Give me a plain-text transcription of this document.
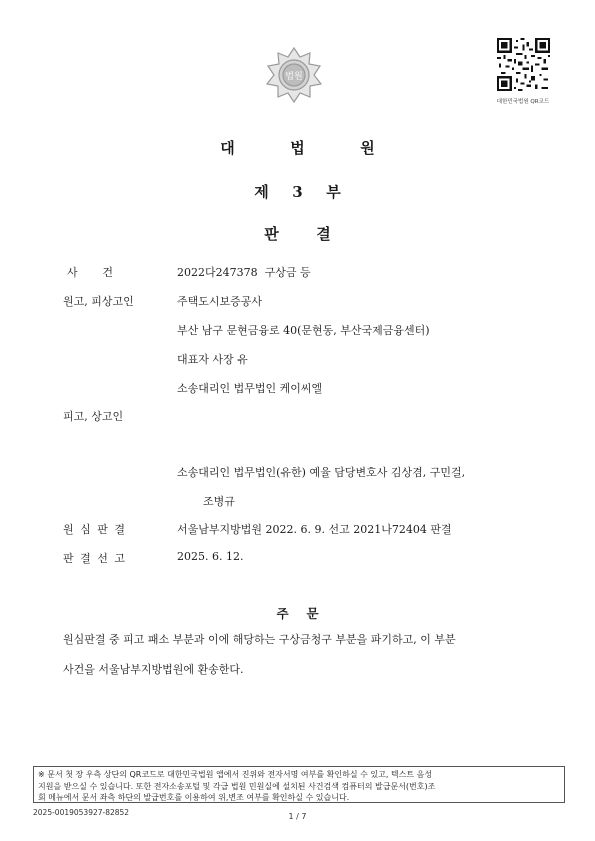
법원
대한민국법원 QR코드
대	법	원
제 3 부
판	결
사 건	2022다247378 구상금 등
원고, 피상고인	주택도시보증공사
부산 남구 문현금융로 40(문현동, 부산국제금융센터)
대표자 사장 유
소송대리인 법무법인 케이씨엘
피고, 상고인
소송대리인 법무법인(유한) 예율 담당변호사 김상겸, 구민걸,
조병규
원 심 판 결	서울남부지방법원 2022. 6. 9. 선고 2021나72404 판결
판 결 선 고	2025. 6. 12.
주 문
원심판결 중 피고 패소 부분과 이에 해당하는 구상금청구 부분을 파기하고, 이 부분
사건을 서울남부지방법원에 환송한다.
※ 문서 첫 장 우측 상단의 QR코드로 대한민국법원 앱에서 진위와 전자서명 여부를 확인하실 수 있고, 텍스트 음성
지원을 받으실 수 있습니다. 또한 전자소송포털 및 각급 법원 민원실에 설치된 사건검색 컴퓨터의 발급문서(번호)조
회 메뉴에서 문서 좌측 하단의 발급번호를 이용하여 위,변조 여부를 확인하실 수 있습니다.
2025-0019053927-82852	1 / 7
